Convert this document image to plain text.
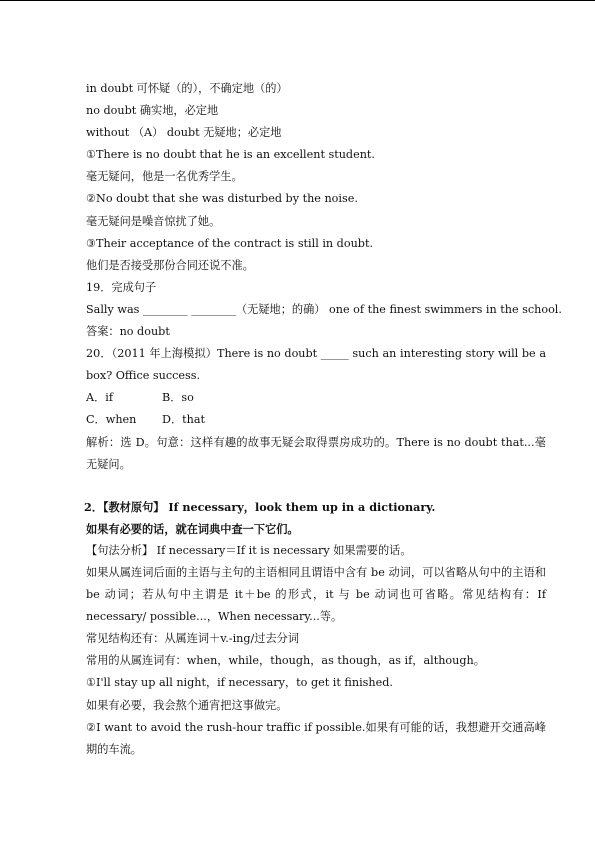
in doubt 可怀疑（的），不确定地（的）
no doubt 确实地，必定地
without （A） doubt 无疑地；必定地
①There is no doubt that he is an excellent student.
毫无疑问，他是一名优秀学生。
②No doubt that she was disturbed by the noise.
毫无疑问是噪音惊扰了她。
③Their acceptance of the contract is still in doubt.
他们是否接受那份合同还说不准。
19．完成句子
Sally was ________ ________（无疑地；的确） one of the finest swimmers in the school.
答案：no doubt
20．（2011 年上海模拟）There is no doubt _____ such an interesting story will be a box? Office success.
A．if	B．so
C．when	D．that
解析：选 D。句意：这样有趣的故事无疑会取得票房成功的。There is no doubt that...毫无疑问。
2．【教材原句】 If necessary，look them up in a dictionary.
如果有必要的话，就在词典中查一下它们。
【句法分析】 If necessary＝If it is necessary 如果需要的话。
如果从属连词后面的主语与主句的主语相同且谓语中含有 be 动词，可以省略从句中的主语和 be 动词；若从句中主谓是 it＋be 的形式，it 与 be 动词也可省略。常见结构有：If necessary/ possible...，When necessary...等。
常见结构还有：从属连词＋v.-ing/过去分词
常用的从属连词有：when，while，though，as though，as if，although。
①I'll stay up all night，if necessary，to get it finished.
如果有必要，我会熬个通宵把这事做完。
②I want to avoid the rush-hour traffic if possible.如果有可能的话，我想避开交通高峰期的车流。
